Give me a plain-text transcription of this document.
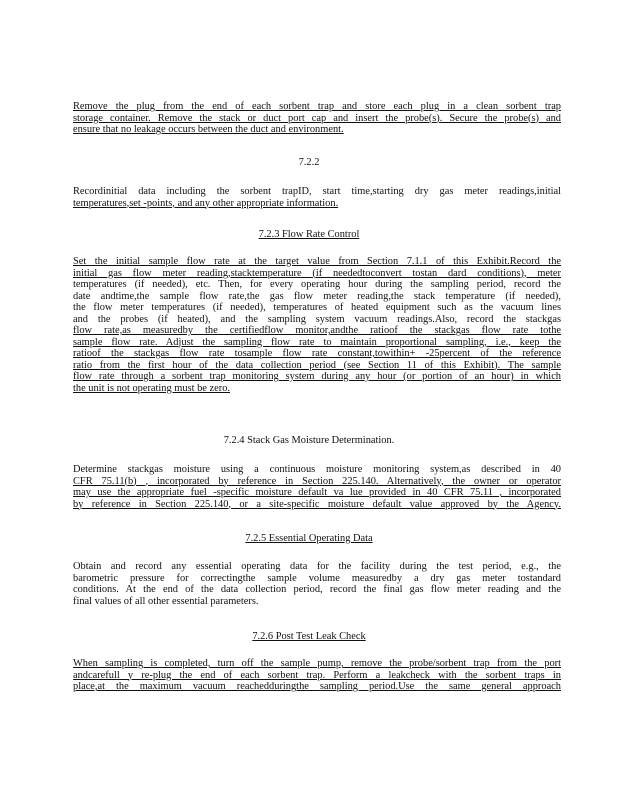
Remove the plug from the end of each sorbent trap and store each plug in a clean sorbent trap
storage container. Remove the stack or duct port cap and insert the probe(s). Secure the probe(s) and
ensure that no leakage occurs between the duct and environment.
7.2.2
Recordinitial data including the sorbent trapID, start time,starting dry gas meter readings,initial
temperatures,set -points, and any other appropriate information.
7.2.3 Flow Rate Control
Set the initial sample flow rate at the target value from Section 7.1.1 of this Exhibit.Record the
initial gas flow meter reading,stacktemperature (if neededtoconvert tostan dard conditions), meter
temperatures (if needed), etc. Then, for every operating hour during the sampling period, record the
date andtime,the sample flow rate,the gas flow meter reading,the stack temperature (if needed),
the flow meter temperatures (if needed), temperatures of heated equipment such as the vacuum lines
and the probes (if heated), and the sampling system vacuum readings.Also, record the stackgas
flow rate,as measuredby the certifiedflow monitor,andthe ratioof the stackgas flow rate tothe
sample flow rate. Adjust the sampling flow rate to maintain proportional sampling, i.e., keep the
ratioof the stackgas flow rate tosample flow rate constant,towithin+ -25percent of the reference
ratio from the first hour of the data collection period (see Section 11 of this Exhibit). The sample
flow rate through a sorbent trap monitoring system during any hour (or portion of an hour) in which
the unit is not operating must be zero.
7.2.4 Stack Gas Moisture Determination.
Determine stackgas moisture using a continuous moisture monitoring system,as described in 40
CFR 75.11(b) , incorporated by reference in Section 225.140. Alternatively, the owner or operator
may use the appropriate fuel -specific moisture default va lue provided in 40 CFR 75.11 , incorporated
by reference in Section 225.140, or a site-specific moisture default value approved by the Agency.
7.2.5 Essential Operating Data
Obtain and record any essential operating data for the facility during the test period, e.g., the
barometric pressure for correctingthe sample volume measuredby a dry gas meter tostandard
conditions. At the end of the data collection period, record the final gas flow meter reading and the
final values of all other essential parameters.
7.2.6 Post Test Leak Check
When sampling is completed, turn off the sample pump, remove the probe/sorbent trap from the port
andcarefull y re-plug the end of each sorbent trap. Perform a leakcheck with the sorbent traps in
place,at the maximum vacuum reachedduringthe sampling period.Use the same general approach
